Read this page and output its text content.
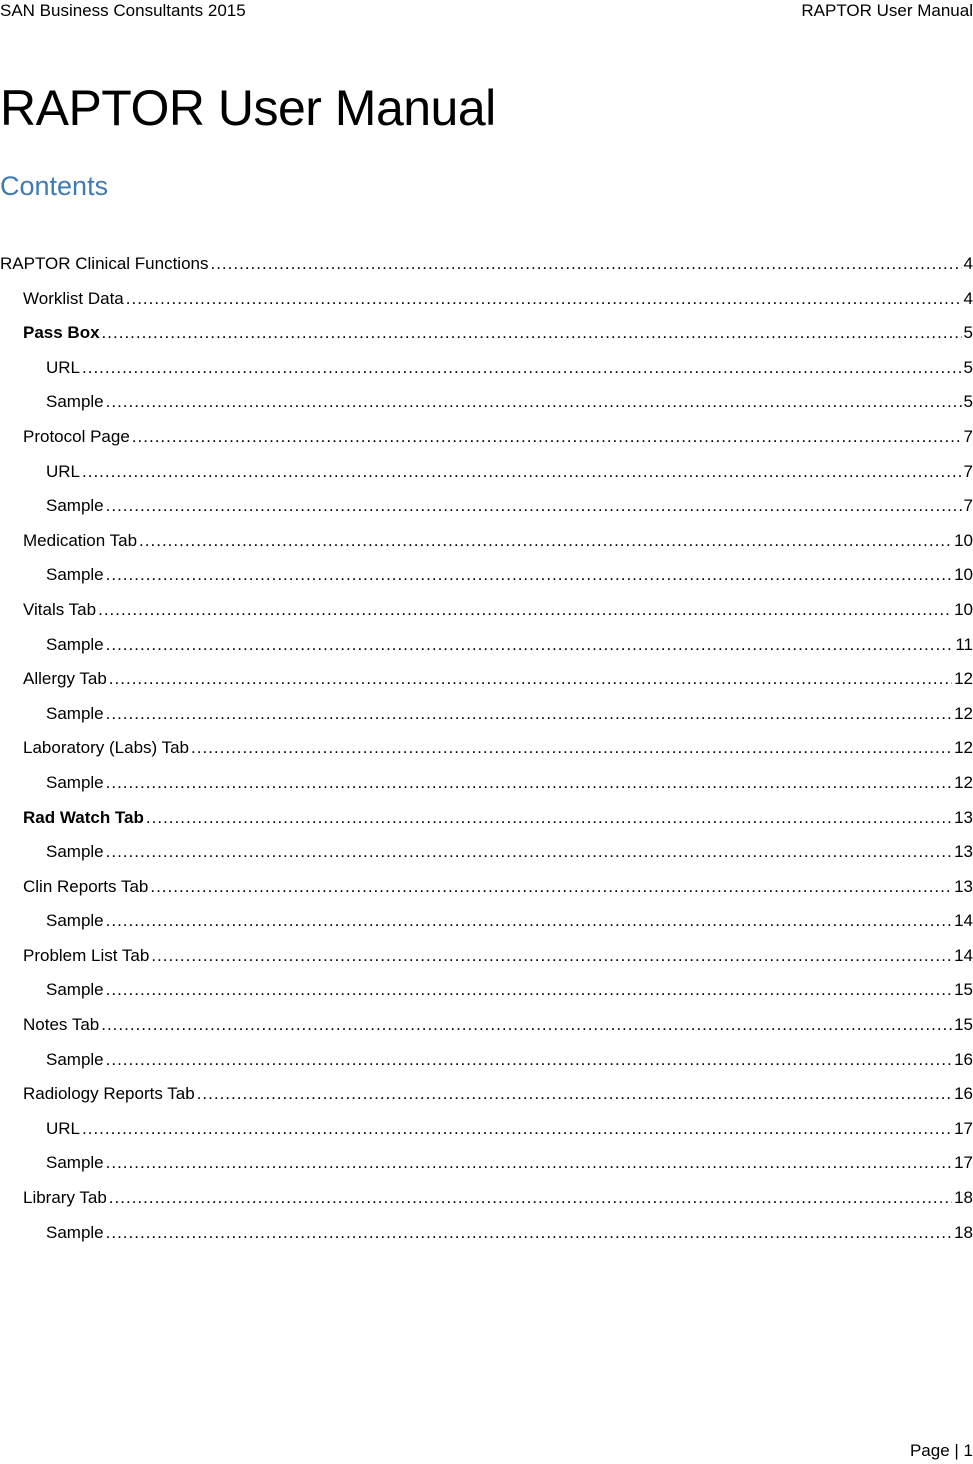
SAN Business Consultants 2015	RAPTOR User Manual
RAPTOR User Manual
Contents
RAPTOR Clinical Functions .....	4
Worklist Data .....	4
Pass Box .....	5
URL .....	5
Sample .....	5
Protocol Page .....	7
URL .....	7
Sample .....	7
Medication Tab .....	10
Sample .....	10
Vitals Tab .....	10
Sample .....	11
Allergy Tab .....	12
Sample .....	12
Laboratory (Labs) Tab .....	12
Sample .....	12
Rad Watch Tab .....	13
Sample .....	13
Clin Reports Tab .....	13
Sample .....	14
Problem List Tab .....	14
Sample .....	15
Notes Tab .....	15
Sample .....	16
Radiology Reports Tab .....	16
URL .....	17
Sample .....	17
Library Tab .....	18
Sample .....	18
Page | 1
